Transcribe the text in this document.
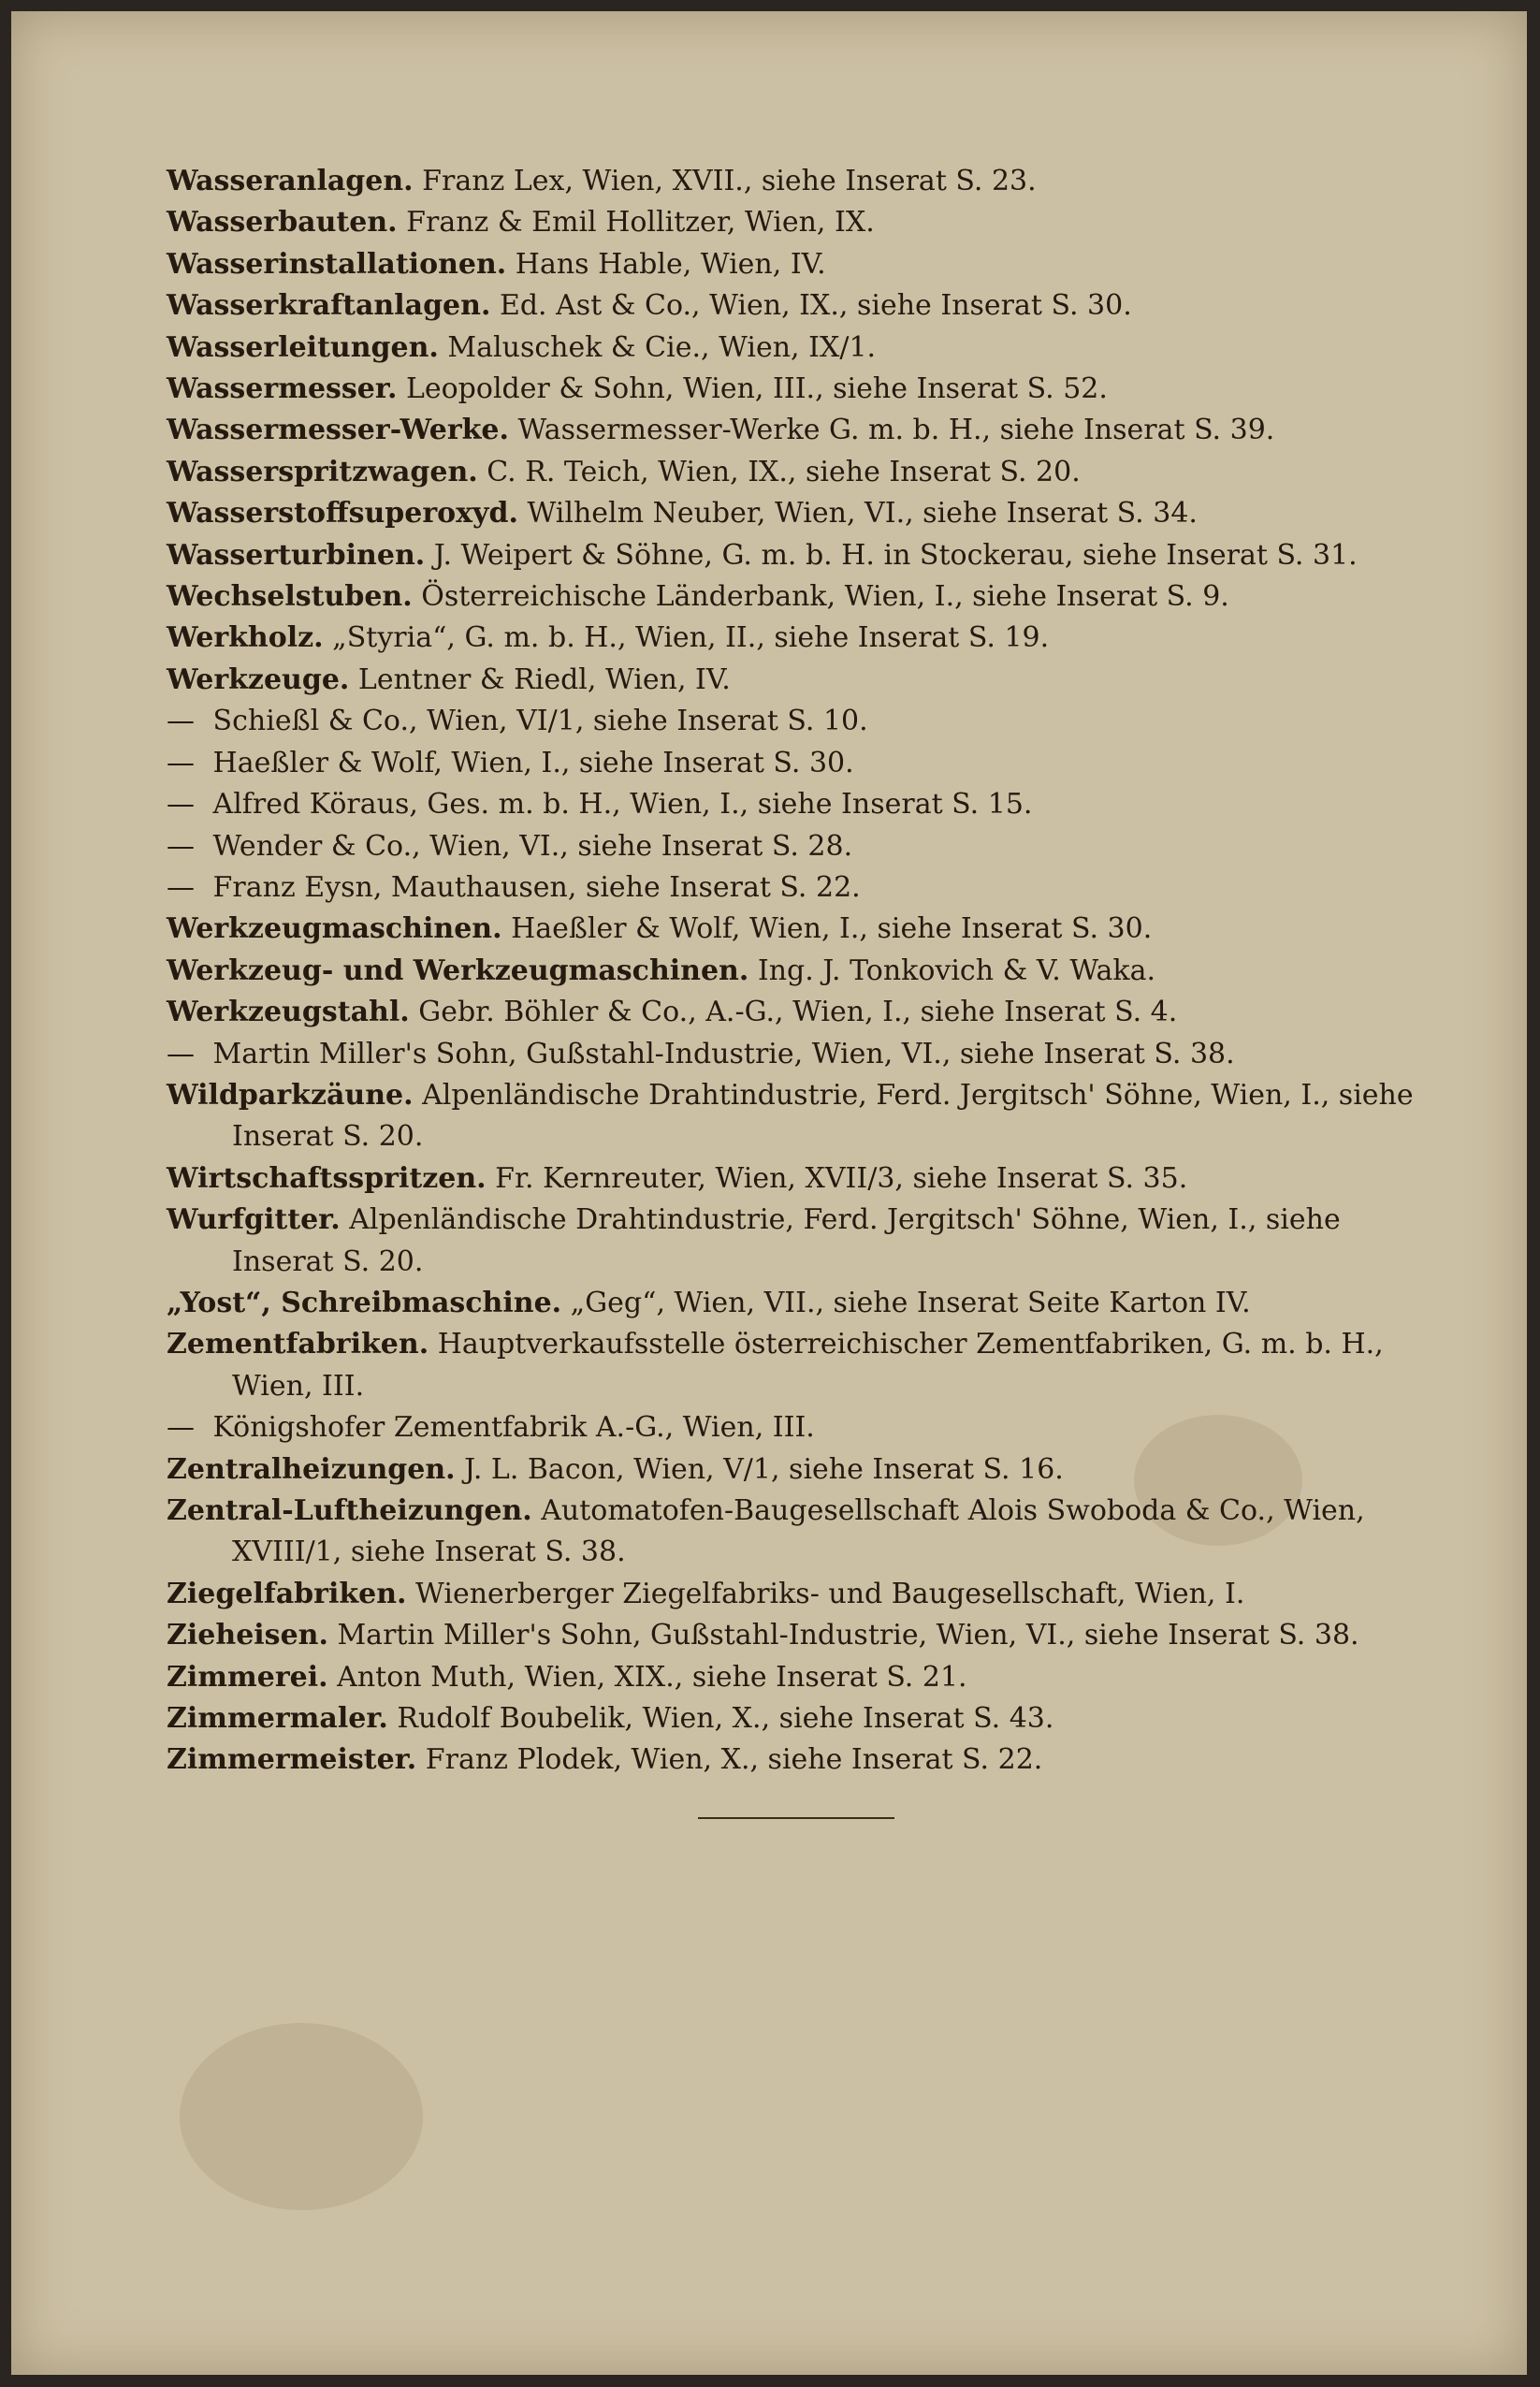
Wasseranlagen. Franz Lex, Wien, XVII., siehe Inserat S. 23.
Wasserbauten. Franz & Emil Hollitzer, Wien, IX.
Wasserinstallationen. Hans Hable, Wien, IV.
Wasserkraftanlagen. Ed. Ast & Co., Wien, IX., siehe Inserat S. 30.
Wasserleitungen. Maluschek & Cie., Wien, IX/1.
Wassermesser. Leopolder & Sohn, Wien, III., siehe Inserat S. 52.
Wassermesser-Werke. Wassermesser-Werke G. m. b. H., siehe Inserat S. 39.
Wasserspritzwagen. C. R. Teich, Wien, IX., siehe Inserat S. 20.
Wasserstoffsuperoxyd. Wilhelm Neuber, Wien, VI., siehe Inserat S. 34.
Wasserturbinen. J. Weipert & Söhne, G. m. b. H. in Stockerau, siehe Inserat S. 31.
Wechselstuben. Österreichische Länderbank, Wien, I., siehe Inserat S. 9.
Werkholz. „Styria“, G. m. b. H., Wien, II., siehe Inserat S. 19.
Werkzeuge. Lentner & Riedl, Wien, IV.
— Schießl & Co., Wien, VI/1, siehe Inserat S. 10.
— Haeßler & Wolf, Wien, I., siehe Inserat S. 30.
— Alfred Köraus, Ges. m. b. H., Wien, I., siehe Inserat S. 15.
— Wender & Co., Wien, VI., siehe Inserat S. 28.
— Franz Eysn, Mauthausen, siehe Inserat S. 22.
Werkzeugmaschinen. Haeßler & Wolf, Wien, I., siehe Inserat S. 30.
Werkzeug- und Werkzeugmaschinen. Ing. J. Tonkovich & V. Waka.
Werkzeugstahl. Gebr. Böhler & Co., A.-G., Wien, I., siehe Inserat S. 4.
— Martin Miller's Sohn, Gußstahl-Industrie, Wien, VI., siehe Inserat S. 38.
Wildparkzäune. Alpenländische Drahtindustrie, Ferd. Jergitsch' Söhne, Wien, I., siehe Inserat S. 20.
Wirtschaftsspritzen. Fr. Kernreuter, Wien, XVII/3, siehe Inserat S. 35.
Wurfgitter. Alpenländische Drahtindustrie, Ferd. Jergitsch' Söhne, Wien, I., siehe Inserat S. 20.
„Yost“, Schreibmaschine. „Geg“, Wien, VII., siehe Inserat Seite Karton IV.
Zementfabriken. Hauptverkaufsstelle österreichischer Zementfabriken, G. m. b. H., Wien, III.
— Königshofer Zementfabrik A.-G., Wien, III.
Zentralheizungen. J. L. Bacon, Wien, V/1, siehe Inserat S. 16.
Zentral-Luftheizungen. Automatofen-Baugesellschaft Alois Swoboda & Co., Wien, XVIII/1, siehe Inserat S. 38.
Ziegelfabriken. Wienerberger Ziegelfabriks- und Baugesellschaft, Wien, I.
Zieheisen. Martin Miller's Sohn, Gußstahl-Industrie, Wien, VI., siehe Inserat S. 38.
Zimmerei. Anton Muth, Wien, XIX., siehe Inserat S. 21.
Zimmermaler. Rudolf Boubelik, Wien, X., siehe Inserat S. 43.
Zimmermeister. Franz Plodek, Wien, X., siehe Inserat S. 22.
